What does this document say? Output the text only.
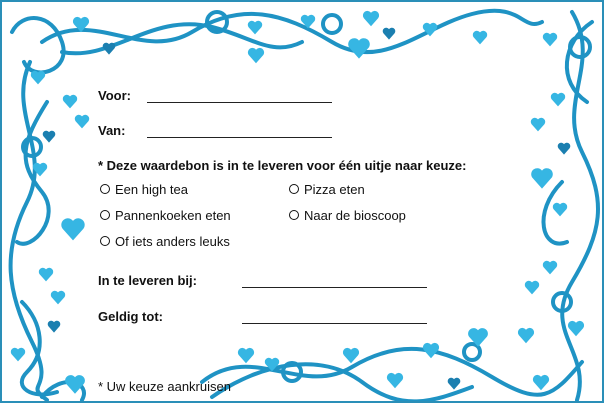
Voor:
Van:
* Deze waardebon is in te leveren voor één uitje naar keuze:
Een high tea	Pizza eten
Pannenkoeken eten	Naar de bioscoop
Of iets anders leuks
In te leveren bij:
Geldig tot:
* Uw keuze aankruisen
